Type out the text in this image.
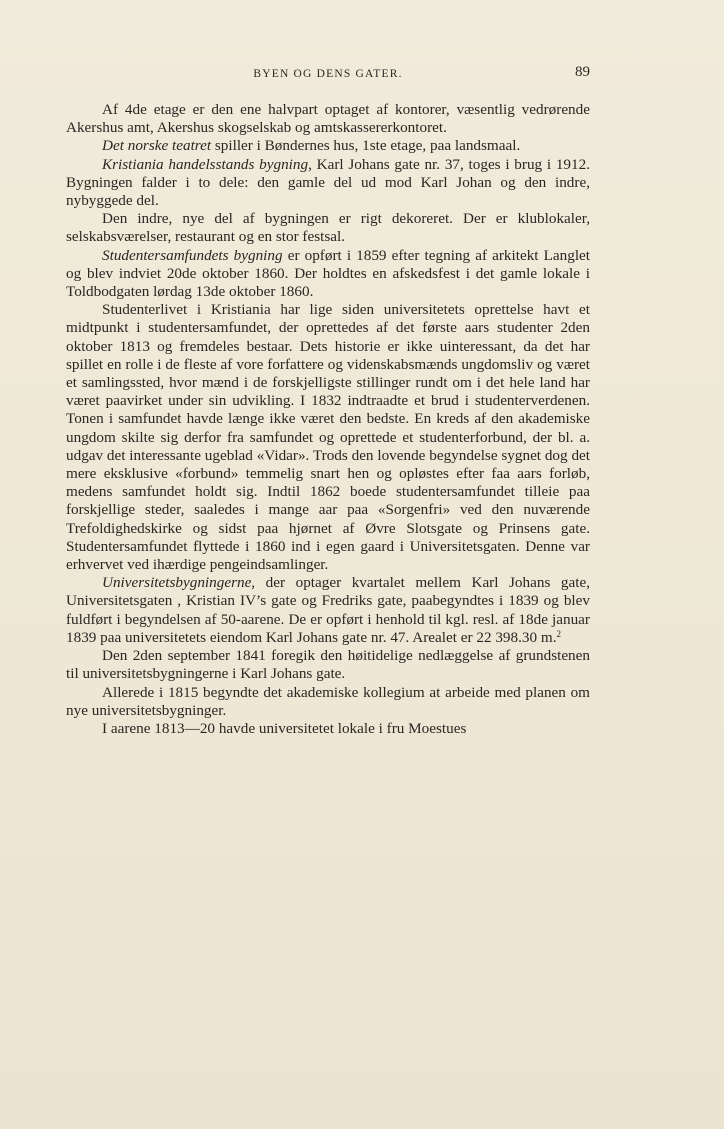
BYEN OG DENS GATER.	89

Af 4de etage er den ene halvpart optaget af kontorer, væsentlig vedrørende Akershus amt, Akershus skogselskab og amtskassererkontoret.

Det norske teatret spiller i Bøndernes hus, 1ste etage, paa landsmaal.

Kristiania handelsstands bygning, Karl Johans gate nr. 37, toges i brug i 1912. Bygningen falder i to dele: den gamle del ud mod Karl Johan og den indre, nybyggede del.

Den indre, nye del af bygningen er rigt dekoreret. Der er klublokaler, selskabsværelser, restaurant og en stor festsal.

Studentersamfundets bygning er opført i 1859 efter tegning af arkitekt Langlet og blev indviet 20de oktober 1860. Der holdtes en afskedsfest i det gamle lokale i Toldbodgaten lørdag 13de oktober 1860.

Studenterlivet i Kristiania har lige siden universitetets oprettelse havt et midtpunkt i studentersamfundet, der oprettedes af det første aars studenter 2den oktober 1813 og fremdeles bestaar. Dets historie er ikke uinteressant, da det har spillet en rolle i de fleste af vore forfattere og videnskabsmænds ungdomsliv og været et samlingssted, hvor mænd i de forskjelligste stillinger rundt om i det hele land har været paavirket under sin udvikling. I 1832 indtraadte et brud i studenterverdenen. Tonen i samfundet havde længe ikke været den bedste. En kreds af den akademiske ungdom skilte sig derfor fra samfundet og oprettede et studenterforbund, der bl. a. udgav det interessante ugeblad «Vidar». Trods den lovende begyndelse sygnet dog det mere eksklusive «forbund» temmelig snart hen og opløstes efter faa aars forløb, medens samfundet holdt sig. Indtil 1862 boede studentersamfundet tilleie paa forskjellige steder, saaledes i mange aar paa «Sorgenfri» ved den nuværende Trefoldighedskirke og sidst paa hjørnet af Øvre Slotsgate og Prinsens gate. Studentersamfundet flyttede i 1860 ind i egen gaard i Universitetsgaten. Denne var erhvervet ved ihærdige pengeindsamlinger.

Universitetsbygningerne, der optager kvartalet mellem Karl Johans gate, Universitetsgaten , Kristian IV’s gate og Fredriks gate, paabegyndtes i 1839 og blev fuldført i begyndelsen af 50-aarene. De er opført i henhold til kgl. resl. af 18de januar 1839 paa universitetets eiendom Karl Johans gate nr. 47. Arealet er 22 398.30 m.$^2$

Den 2den september 1841 foregik den høitidelige nedlæggelse af grundstenen til universitetsbygningerne i Karl Johans gate.

Allerede i 1815 begyndte det akademiske kollegium at arbeide med planen om nye universitetsbygninger.

I aarene 1813—20 havde universitetet lokale i fru Moestues
